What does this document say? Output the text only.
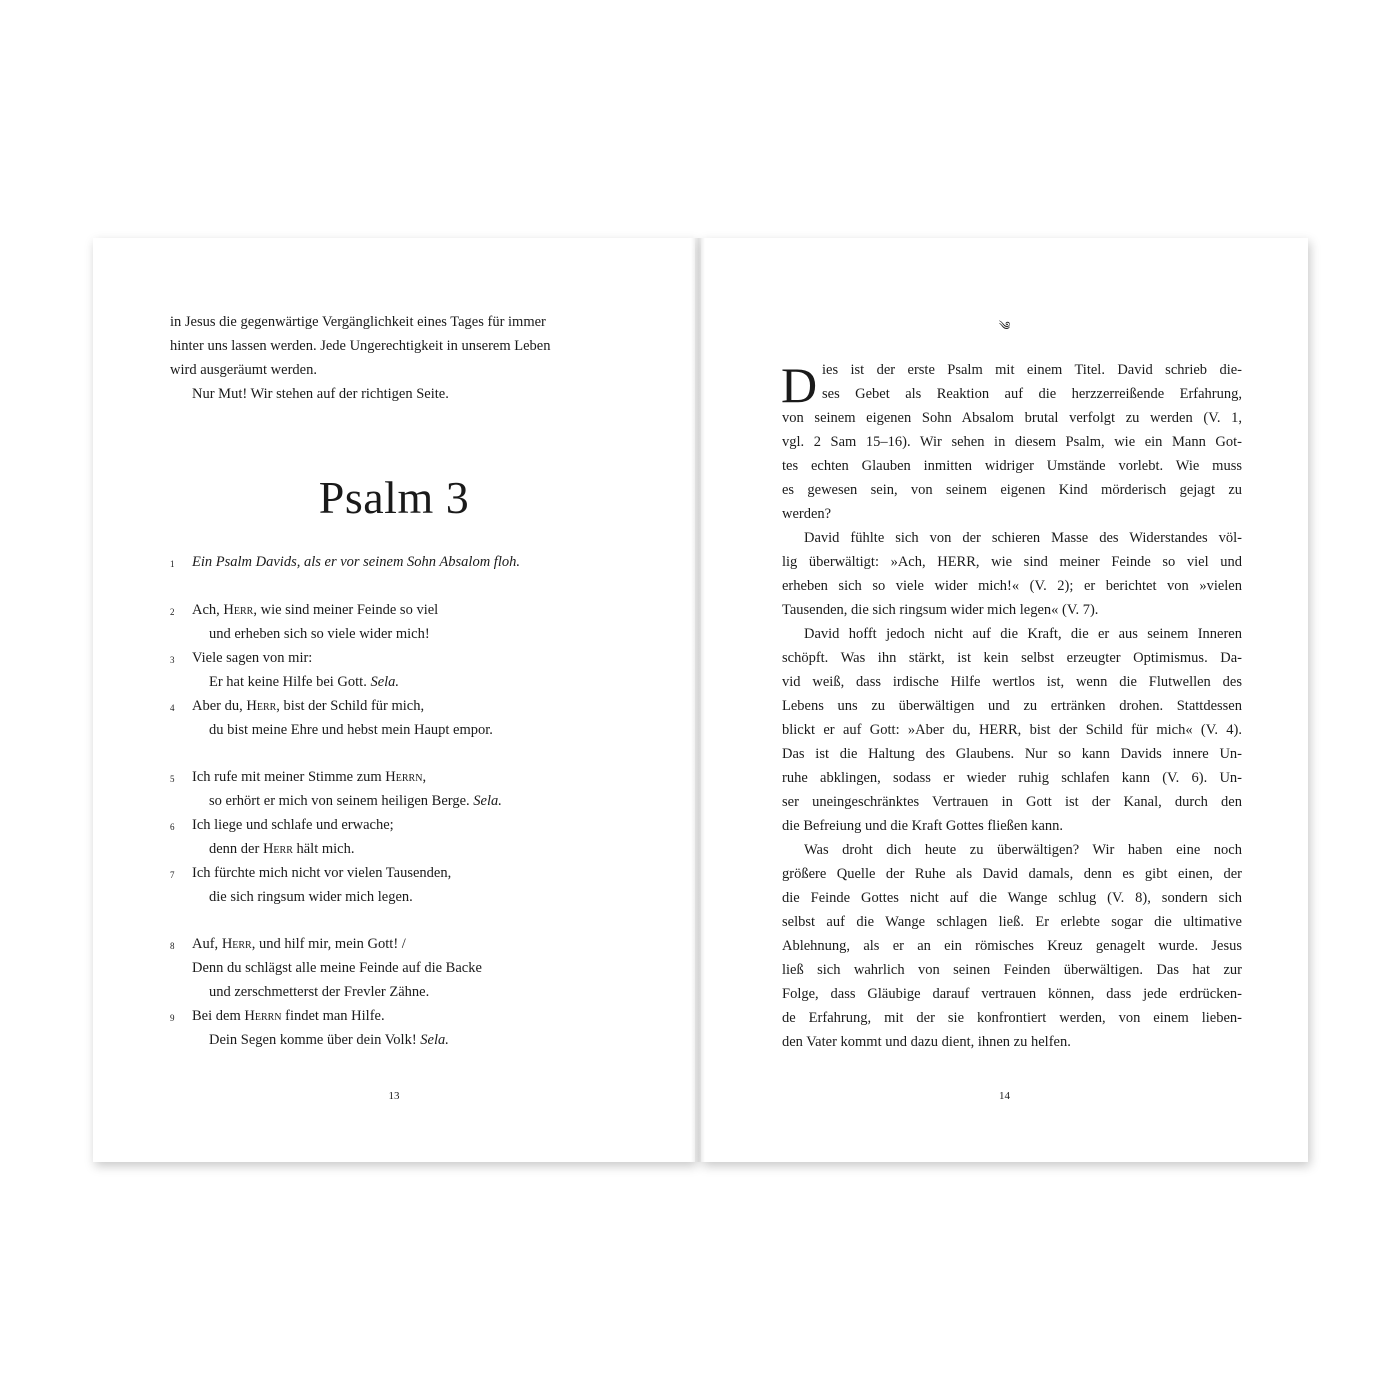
in Jesus die gegenwärtige Vergänglichkeit eines Tages für immer
hinter uns lassen werden. Jede Ungerechtigkeit in unserem Leben
wird ausgeräumt werden.
Nur Mut! Wir stehen auf der richtigen Seite.
Psalm 3
1 Ein Psalm Davids, als er vor seinem Sohn Absalom floh.
2 Ach, Herr, wie sind meiner Feinde so viel
und erheben sich so viele wider mich!
3 Viele sagen von mir:
Er hat keine Hilfe bei Gott. Sela.
4 Aber du, Herr, bist der Schild für mich,
du bist meine Ehre und hebst mein Haupt empor.
5 Ich rufe mit meiner Stimme zum Herrn,
so erhört er mich von seinem heiligen Berge. Sela.
6 Ich liege und schlafe und erwache;
denn der Herr hält mich.
7 Ich fürchte mich nicht vor vielen Tausenden,
die sich ringsum wider mich legen.
8 Auf, Herr, und hilf mir, mein Gott! /
Denn du schlägst alle meine Feinde auf die Backe
und zerschmetterst der Frevler Zähne.
9 Bei dem Herrn findet man Hilfe.
Dein Segen komme über dein Volk! Sela.
13
༄
D ies ist der erste Psalm mit einem Titel. David schrieb die-
ses Gebet als Reaktion auf die herzzerreißende Erfahrung,
von seinem eigenen Sohn Absalom brutal verfolgt zu werden (V. 1,
vgl. 2 Sam 15–16). Wir sehen in diesem Psalm, wie ein Mann Got-
tes echten Glauben inmitten widriger Umstände vorlebt. Wie muss
es gewesen sein, von seinem eigenen Kind mörderisch gejagt zu
werden?
David fühlte sich von der schieren Masse des Widerstandes völ-
lig überwältigt: »Ach, HERR, wie sind meiner Feinde so viel und
erheben sich so viele wider mich!« (V. 2); er berichtet von »vielen
Tausenden, die sich ringsum wider mich legen« (V. 7).
David hofft jedoch nicht auf die Kraft, die er aus seinem Inneren
schöpft. Was ihn stärkt, ist kein selbst erzeugter Optimismus. Da-
vid weiß, dass irdische Hilfe wertlos ist, wenn die Flutwellen des
Lebens uns zu überwältigen und zu ertränken drohen. Stattdessen
blickt er auf Gott: »Aber du, HERR, bist der Schild für mich« (V. 4).
Das ist die Haltung des Glaubens. Nur so kann Davids innere Un-
ruhe abklingen, sodass er wieder ruhig schlafen kann (V. 6). Un-
ser uneingeschränktes Vertrauen in Gott ist der Kanal, durch den
die Befreiung und die Kraft Gottes fließen kann.
Was droht dich heute zu überwältigen? Wir haben eine noch
größere Quelle der Ruhe als David damals, denn es gibt einen, der
die Feinde Gottes nicht auf die Wange schlug (V. 8), sondern sich
selbst auf die Wange schlagen ließ. Er erlebte sogar die ultimative
Ablehnung, als er an ein römisches Kreuz genagelt wurde. Jesus
ließ sich wahrlich von seinen Feinden überwältigen. Das hat zur
Folge, dass Gläubige darauf vertrauen können, dass jede erdrücken-
de Erfahrung, mit der sie konfrontiert werden, von einem lieben-
den Vater kommt und dazu dient, ihnen zu helfen.
14
